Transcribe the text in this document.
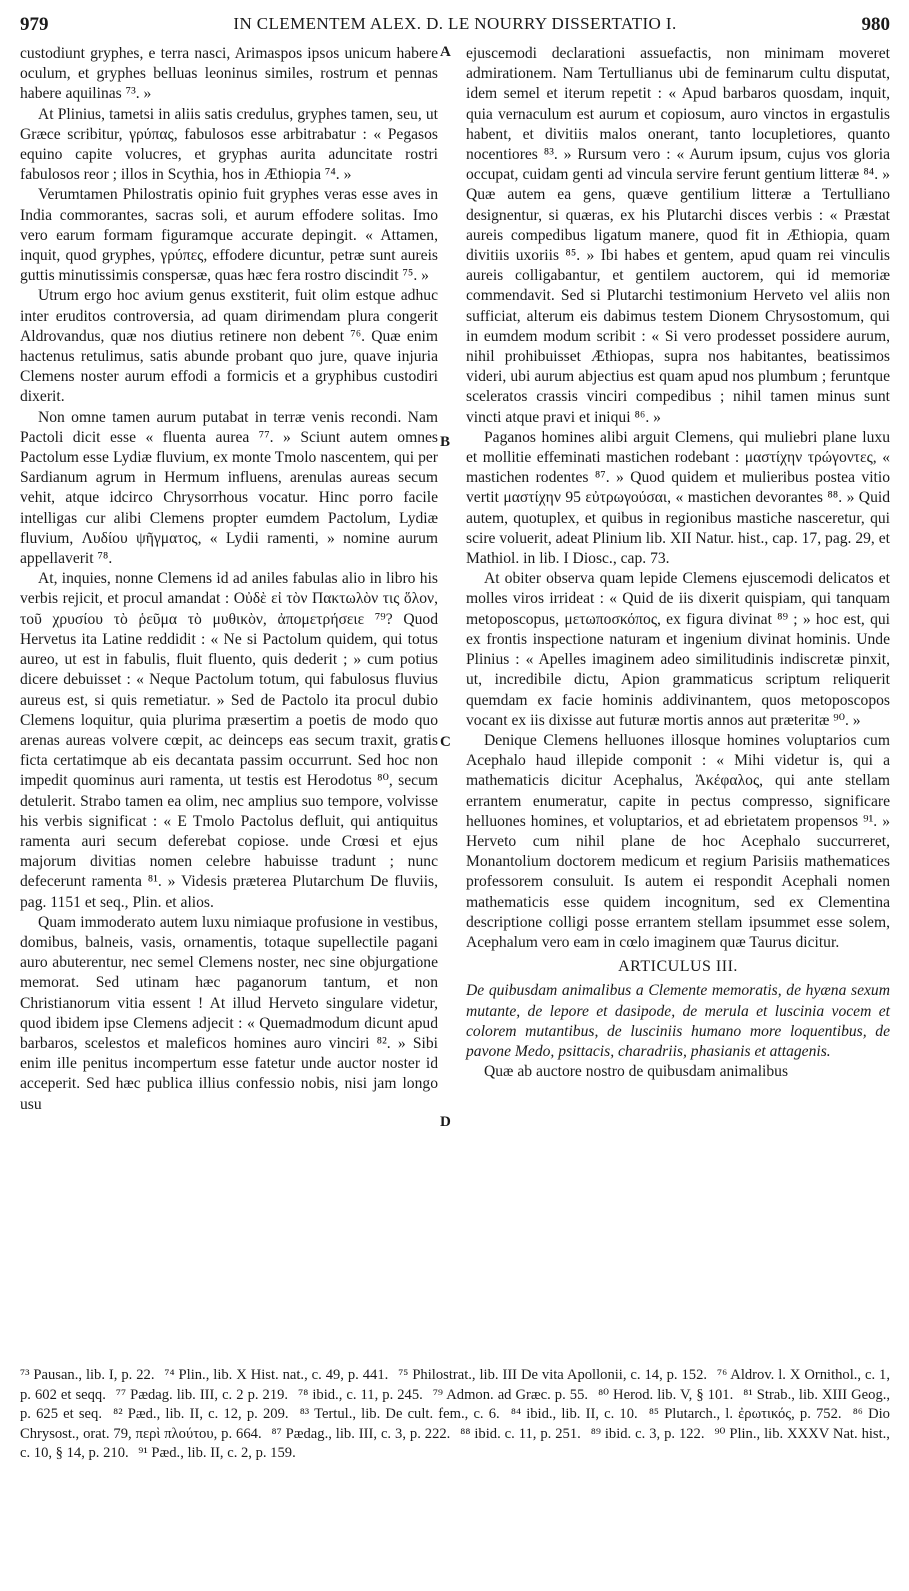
979	IN CLEMENTEM ALEX. D. LE NOURRY DISSERTATIO I.	980

custodiunt gryphes, e terra nasci, Arimaspos ipsos unicum habere oculum, et gryphes belluas leoninus similes, rostrum et pennas habere aquilinas ⁷³. »

At Plinius, tametsi in aliis satis credulus, gryphes tamen, seu, ut Græce scribitur, γρύπας, fabulosos esse arbitrabatur : « Pegasos equino capite volucres, et gryphas aurita aduncitate rostri fabulosos reor ; illos in Scythia, hos in Æthiopia ⁷⁴. »

Verumtamen Philostratis opinio fuit gryphes veras esse aves in India commorantes, sacras soli, et aurum effodere solitas. Imo vero earum formam figuramque accurate depingit. « Attamen, inquit, quod gryphes, γρύπες, effodere dicuntur, petræ sunt aureis guttis minutissimis conspersæ, quas hæc fera rostro discindit ⁷⁵. »

Utrum ergo hoc avium genus exstiterit, fuit olim estque adhuc inter eruditos controversia, ad quam dirimendam plura congerit Aldrovandus, quæ nos diutius retinere non debent ⁷⁶. Quæ enim hactenus retulimus, satis abunde probant quo jure, quave injuria Clemens noster aurum effodi a formicis et a gryphibus custodiri dixerit.

Non omne tamen aurum putabat in terræ venis recondi. Nam Pactoli dicit esse « fluenta aurea ⁷⁷. » Sciunt autem omnes Pactolum esse Lydiæ fluvium, ex monte Tmolo nascentem, qui per Sardianum agrum in Hermum influens, arenulas aureas secum vehit, atque idcirco Chrysorrhous vocatur. Hinc porro facile intelligas cur alibi Clemens propter eumdem Pactolum, Lydiæ fluvium, Λυδίου ψῆγματος, « Lydii ramenti, » nomine aurum appellaverit ⁷⁸.

At, inquies, nonne Clemens id ad aniles fabulas alio in libro his verbis rejicit, et procul amandat : Οὐδὲ εἰ τὸν Πακτωλὸν τις ὅλον, τοῦ χρυσίου τὸ ῥεῦμα τὸ μυθικὸν, ἀπομετρήσειε ⁷⁹? Quod Hervetus ita Latine reddidit : « Ne si Pactolum quidem, qui totus aureo, ut est in fabulis, fluit fluento, quis dederit ; » cum potius dicere debuisset : « Neque Pactolum totum, qui fabulosus fluvius aureus est, si quis remetiatur. » Sed de Pactolo ita procul dubio Clemens loquitur, quia plurima præsertim a poetis de modo quo arenas aureas volvere cœpit, ac deinceps eas secum traxit, gratis ficta certatimque ab eis decantata passim occurrunt. Sed hoc non impedit quominus auri ramenta, ut testis est Herodotus ⁸⁰, secum detulerit. Strabo tamen ea olim, nec amplius suo tempore, volvisse his verbis significat : « E Tmolo Pactolus defluit, qui antiquitus ramenta auri secum deferebat copiose. unde Crœsi et ejus majorum divitias nomen celebre habuisse tradunt ; nunc defecerunt ramenta ⁸¹. » Videsis præterea Plutarchum De fluviis, pag. 1151 et seq., Plin. et alios.

Quam immoderato autem luxu nimiaque profusione in vestibus, domibus, balneis, vasis, ornamentis, totaque supellectile pagani auro abuterentur, nec semel Clemens noster, nec sine objurgatione memorat. Sed utinam hæc paganorum tantum, et non Christianorum vitia essent ! At illud Herveto singulare videtur, quod ibidem ipse Clemens adjecit : « Quemadmodum dicunt apud barbaros, scelestos et maleficos homines auro vinciri ⁸². » Sibi enim ille penitus incompertum esse fatetur unde auctor noster id acceperit. Sed hæc publica illius confessio nobis, nisi jam longo usu

A
B
C
D

ejuscemodi declarationi assuefactis, non minimam moveret admirationem. Nam Tertullianus ubi de feminarum cultu disputat, idem semel et iterum repetit : « Apud barbaros quosdam, inquit, quia vernaculum est aurum et copiosum, auro vinctos in ergastulis habent, et divitiis malos onerant, tanto locupletiores, quanto nocentiores ⁸³. » Rursum vero : « Aurum ipsum, cujus vos gloria occupat, cuidam genti ad vincula servire ferunt gentium litteræ ⁸⁴. » Quæ autem ea gens, quæve gentilium litteræ a Tertulliano designentur, si quæras, ex his Plutarchi disces verbis : « Præstat aureis compedibus ligatum manere, quod fit in Æthiopia, quam divitiis uxoriis ⁸⁵. » Ibi habes et gentem, apud quam rei vinculis aureis colligabantur, et gentilem auctorem, qui id memoriæ commendavit. Sed si Plutarchi testimonium Herveto vel aliis non sufficiat, alterum eis dabimus testem Dionem Chrysostomum, qui in eumdem modum scribit : « Si vero prodesset possidere aurum, nihil prohibuisset Æthiopas, supra nos habitantes, beatissimos videri, ubi aurum abjectius est quam apud nos plumbum ; feruntque sceleratos crassis vinciri compedibus ; nihil tamen minus sunt vincti atque pravi et iniqui ⁸⁶. »

Paganos homines alibi arguit Clemens, qui muliebri plane luxu et mollitie effeminati mastichen rodebant : μαστίχην τρώγοντες, « mastichen rodentes ⁸⁷. » Quod quidem et mulieribus postea vitio vertit μαστίχην 95 εὐτρωγούσαι, « mastichen devorantes ⁸⁸. » Quid autem, quotuplex, et quibus in regionibus mastiche nasceretur, qui scire voluerit, adeat Plinium lib. XII Natur. hist., cap. 17, pag. 29, et Mathiol. in lib. I Diosc., cap. 73.

At obiter observa quam lepide Clemens ejuscemodi delicatos et molles viros irrideat : « Quid de iis dixerit quispiam, qui tanquam metoposcopus, μετωποσκόπος, ex figura divinat ⁸⁹ ; » hoc est, qui ex frontis inspectione naturam et ingenium divinat hominis. Unde Plinius : « Apelles imaginem adeo similitudinis indiscretæ pinxit, ut, incredibile dictu, Apion grammaticus scriptum reliquerit quemdam ex facie hominis addivinantem, quos metoposcopos vocant ex iis dixisse aut futuræ mortis annos aut præteritæ ⁹⁰. »

Denique Clemens helluones illosque homines voluptarios cum Acephalo haud illepide componit : « Mihi videtur is, qui a mathematicis dicitur Acephalus, Ἀκέφαλος, qui ante stellam errantem enumeratur, capite in pectus compresso, significare helluones homines, et voluptarios, et ad ebrietatem propensos ⁹¹. » Herveto cum nihil plane de hoc Acephalo succurreret, Monantolium doctorem medicum et regium Parisiis mathematices professorem consuluit. Is autem ei respondit Acephali nomen mathematicis esse quidem incognitum, sed ex Clementina descriptione colligi posse errantem stellam ipsummet esse solem, Acephalum vero eam in cœlo imaginem quæ Taurus dicitur.

ARTICULUS III.

De quibusdam animalibus a Clemente memoratis, de hyæna sexum mutante, de lepore et dasipode, de merula et luscinia vocem et colorem mutantibus, de lusciniis humano more loquentibus, de pavone Medo, psittacis, charadriis, phasianis et attagenis.

Quæ ab auctore nostro de quibusdam animalibus

⁷³ Pausan., lib. I, p. 22. ⁷⁴ Plin., lib. X Hist. nat., c. 49, p. 441. ⁷⁵ Philostrat., lib. III De vita Apollonii, c. 14, p. 152. ⁷⁶ Aldrov. l. X Ornithol., c. 1, p. 602 et seqq. ⁷⁷ Pædag. lib. III, c. 2 p. 219. ⁷⁸ ibid., c. 11, p. 245. ⁷⁹ Admon. ad Græc. p. 55. ⁸⁰ Herod. lib. V, § 101. ⁸¹ Strab., lib. XIII Geog., p. 625 et seq. ⁸² Pæd., lib. II, c. 12, p. 209. ⁸³ Tertul., lib. De cult. fem., c. 6. ⁸⁴ ibid., lib. II, c. 10. ⁸⁵ Plutarch., l. ἐρωτικός, p. 752. ⁸⁶ Dio Chrysost., orat. 79, περὶ πλούτου, p. 664. ⁸⁷ Pædag., lib. III, c. 3, p. 222. ⁸⁸ ibid. c. 11, p. 251. ⁸⁹ ibid. c. 3, p. 122. ⁹⁰ Plin., lib. XXXV Nat. hist., c. 10, § 14, p. 210. ⁹¹ Pæd., lib. II, c. 2, p. 159.
